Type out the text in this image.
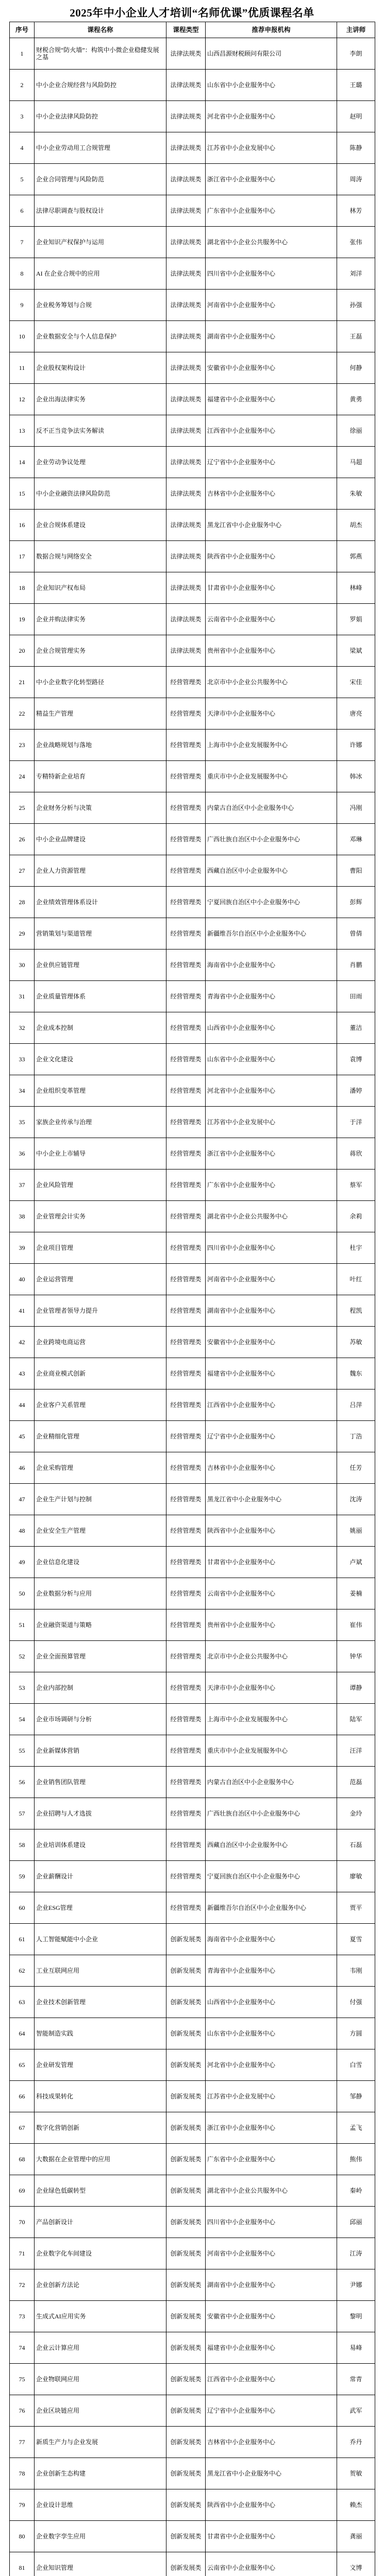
2025年中小企业人才培训“名师优课”优质课程名单
序号	课程名称	课程类型	推荐申报机构	主讲师

1	财税合规“防火墙”：构筑中小微企业稳健发展之基	法律法规类	山西昌源财税顾问有限公司	李朗

2	中小企业合规经营与风险防控	法律法规类	山东省中小企业服务中心	王璐

3	中小企业法律风险防控	法律法规类	河北省中小企业服务中心	赵明

4	中小企业劳动用工合规管理	法律法规类	江苏省中小企业发展中心	陈静

5	企业合同管理与风险防范	法律法规类	浙江省中小企业服务中心	周涛

6	法律尽职调查与股权设计	法律法规类	广东省中小企业服务中心	林芳

7	企业知识产权保护与运用	法律法规类	湖北省中小企业公共服务中心	张伟

8	AI 在企业合规中的应用	法律法规类	四川省中小企业服务中心	刘洋

9	企业税务筹划与合规	法律法规类	河南省中小企业服务中心	孙强

10	企业数据安全与个人信息保护	法律法规类	湖南省中小企业服务中心	王磊

11	企业股权架构设计	法律法规类	安徽省中小企业服务中心	何静

12	企业出海法律实务	法律法规类	福建省中小企业服务中心	黄勇

13	反不正当竞争法实务解读	法律法规类	江西省中小企业服务中心	徐丽

14	企业劳动争议处理	法律法规类	辽宁省中小企业服务中心	马超

15	中小企业融资法律风险防范	法律法规类	吉林省中小企业服务中心	朱敏

16	企业合规体系建设	法律法规类	黑龙江省中小企业服务中心	胡杰

17	数据合规与网络安全	法律法规类	陕西省中小企业服务中心	郭燕

18	企业知识产权布局	法律法规类	甘肃省中小企业服务中心	林峰

19	企业并购法律实务	法律法规类	云南省中小企业服务中心	罗娟

20	企业合规管理实务	法律法规类	贵州省中小企业服务中心	梁斌

21	中小企业数字化转型路径	经营管理类	北京市中小企业公共服务中心	宋佳

22	精益生产管理	经营管理类	天津市中小企业服务中心	唐亮

23	企业战略规划与落地	经营管理类	上海市中小企业发展服务中心	许娜

24	专精特新企业培育	经营管理类	重庆市中小企业发展服务中心	韩冰

25	企业财务分析与决策	经营管理类	内蒙古自治区中小企业服务中心	冯刚

26	中小企业品牌建设	经营管理类	广西壮族自治区中小企业服务中心	邓琳

27	企业人力资源管理	经营管理类	西藏自治区中小企业服务中心	曹阳

28	企业绩效管理体系设计	经营管理类	宁夏回族自治区中小企业服务中心	彭辉

29	营销策划与渠道管理	经营管理类	新疆维吾尔自治区中小企业服务中心	曾倩

30	企业供应链管理	经营管理类	海南省中小企业服务中心	肖鹏

31	企业质量管理体系	经营管理类	青海省中小企业服务中心	田雨

32	企业成本控制	经营管理类	山西省中小企业服务中心	董洁

33	企业文化建设	经营管理类	山东省中小企业服务中心	袁博

34	企业组织变革管理	经营管理类	河北省中小企业服务中心	潘婷

35	家族企业传承与治理	经营管理类	江苏省中小企业发展中心	于洋

36	中小企业上市辅导	经营管理类	浙江省中小企业服务中心	蒋欣

37	企业风险管理	经营管理类	广东省中小企业服务中心	蔡军

38	企业管理会计实务	经营管理类	湖北省中小企业公共服务中心	余莉

39	企业项目管理	经营管理类	四川省中小企业服务中心	杜宇

40	企业运营管理	经营管理类	河南省中小企业服务中心	叶红

41	企业管理者领导力提升	经营管理类	湖南省中小企业服务中心	程凯

42	企业跨境电商运营	经营管理类	安徽省中小企业服务中心	苏敏

43	企业商业模式创新	经营管理类	福建省中小企业服务中心	魏东

44	企业客户关系管理	经营管理类	江西省中小企业服务中心	吕萍

45	企业精细化管理	经营管理类	辽宁省中小企业服务中心	丁浩

46	企业采购管理	经营管理类	吉林省中小企业服务中心	任芳

47	企业生产计划与控制	经营管理类	黑龙江省中小企业服务中心	沈涛

48	企业安全生产管理	经营管理类	陕西省中小企业服务中心	姚丽

49	企业信息化建设	经营管理类	甘肃省中小企业服务中心	卢斌

50	企业数据分析与应用	经营管理类	云南省中小企业服务中心	姜楠

51	企业融资渠道与策略	经营管理类	贵州省中小企业服务中心	崔伟

52	企业全面预算管理	经营管理类	北京市中小企业公共服务中心	钟华

53	企业内部控制	经营管理类	天津市中小企业服务中心	谭静

54	企业市场调研与分析	经营管理类	上海市中小企业发展服务中心	陆军

55	企业新媒体营销	经营管理类	重庆市中小企业发展服务中心	汪洋

56	企业销售团队管理	经营管理类	内蒙古自治区中小企业服务中心	范磊

57	企业招聘与人才选拔	经营管理类	广西壮族自治区中小企业服务中心	金玲

58	企业培训体系建设	经营管理类	西藏自治区中小企业服务中心	石磊

59	企业薪酬设计	经营管理类	宁夏回族自治区中小企业服务中心	廖敏

60	企业ESG管理	经营管理类	新疆维吾尔自治区中小企业服务中心	贾平

61	人工智能赋能中小企业	创新发展类	海南省中小企业服务中心	夏雪

62	工业互联网应用	创新发展类	青海省中小企业服务中心	韦刚

63	企业技术创新管理	创新发展类	山西省中小企业服务中心	付强

64	智能制造实践	创新发展类	山东省中小企业服务中心	方圆

65	企业研发管理	创新发展类	河北省中小企业服务中心	白雪

66	科技成果转化	创新发展类	江苏省中小企业发展中心	邹静

67	数字化营销创新	创新发展类	浙江省中小企业服务中心	孟飞

68	大数据在企业管理中的应用	创新发展类	广东省中小企业服务中心	熊伟

69	企业绿色低碳转型	创新发展类	湖北省中小企业公共服务中心	秦岭

70	产品创新设计	创新发展类	四川省中小企业服务中心	邱丽

71	企业数字化车间建设	创新发展类	河南省中小企业服务中心	江涛

72	企业创新方法论	创新发展类	湖南省中小企业服务中心	尹娜

73	生成式AI应用实务	创新发展类	安徽省中小企业服务中心	黎明

74	企业云计算应用	创新发展类	福建省中小企业服务中心	易峰

75	企业物联网应用	创新发展类	江西省中小企业服务中心	常青

76	企业区块链应用	创新发展类	辽宁省中小企业服务中心	武军

77	新质生产力与企业发展	创新发展类	吉林省中小企业服务中心	乔丹

78	企业创新生态构建	创新发展类	黑龙江省中小企业服务中心	贺敏

79	企业设计思维	创新发展类	陕西省中小企业服务中心	赖杰

80	企业数字孪生应用	创新发展类	甘肃省中小企业服务中心	龚丽

81	企业知识管理	创新发展类	云南省中小企业服务中心	文博
